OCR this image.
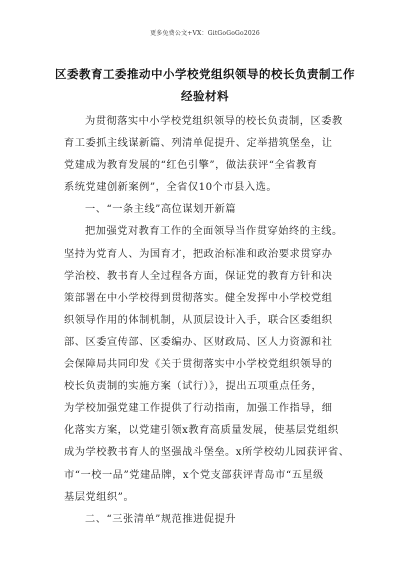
更多免费公文+VX：GitGoGoGo2026
区委教育工委推动中小学校党组织领导的校长负责制工作
经验材料
为贯彻落实中小学校党组织领导的校长负责制，区委教
育工委抓主线谋新篇、列清单促提升、定举措筑堡垒，让
党建成为教育发展的“红色引擎”，做法获评“全省教育
系统党建创新案例”，全省仅10个市县入选。
一、“一条主线”高位谋划开新篇
把加强党对教育工作的全面领导当作贯穿始终的主线。
坚持为党育人、为国育才，把政治标准和政治要求贯穿办
学治校、教书育人全过程各方面，保证党的教育方针和决
策部署在中小学校得到贯彻落实。健全发挥中小学校党组
织领导作用的体制机制，从顶层设计入手，联合区委组织
部、区委宣传部、区委编办、区财政局、区人力资源和社
会保障局共同印发《关于贯彻落实中小学校党组织领导的
校长负责制的实施方案（试行）》，提出五项重点任务，
为学校加强党建工作提供了行动指南，加强工作指导，细
化落实方案，以党建引领x教育高质量发展，使基层党组织
成为学校教书育人的坚强战斗堡垒。x所学校幼儿园获评省、
市“一校一品”党建品牌，x个党支部获评青岛市“五星级
基层党组织”。
二、“三张清单”规范推进促提升
